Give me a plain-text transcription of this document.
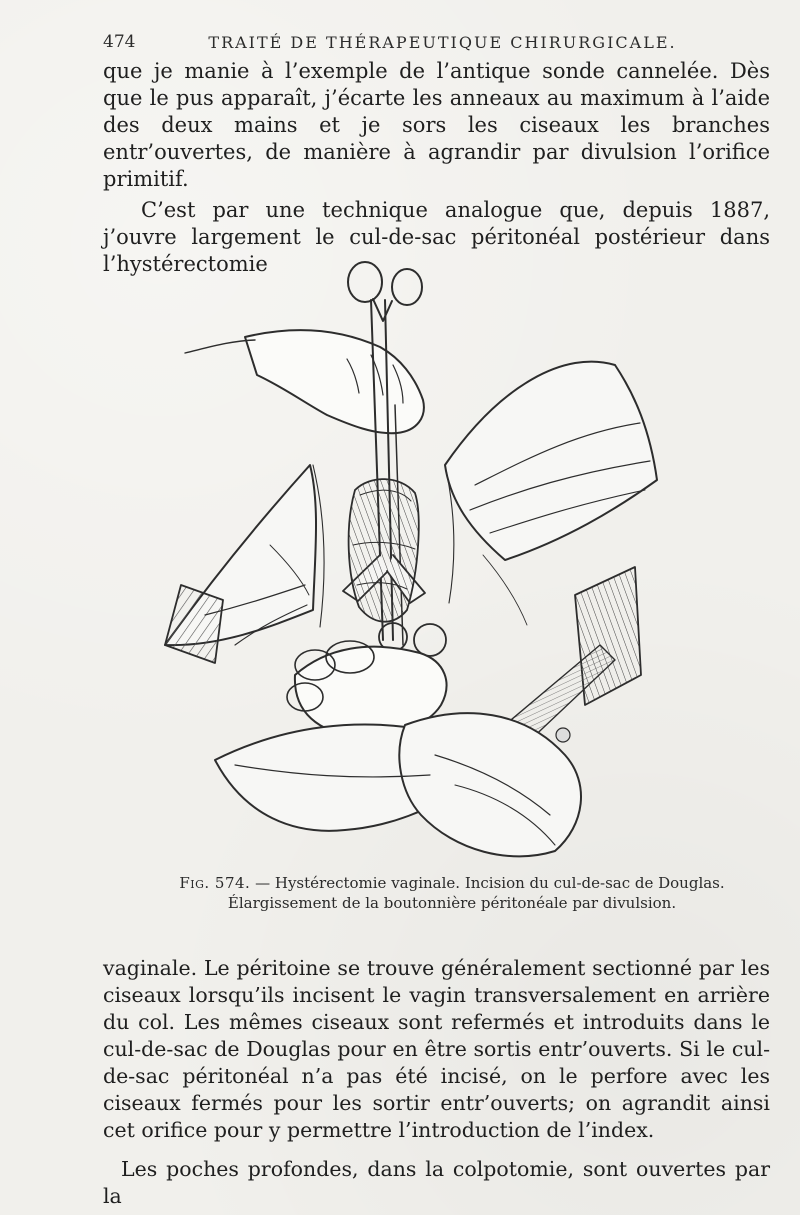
474	TRAITÉ DE THÉRAPEUTIQUE CHIRURGICALE.

que je manie à l’exemple de l’antique sonde cannelée. Dès que le pus apparaît, j’écarte les anneaux au maximum à l’aide des deux mains et je sors les ciseaux les branches entr’ouvertes, de manière à agrandir par divulsion l’orifice primitif.

C’est par une technique analogue que, depuis 1887, j’ouvre largement le cul-de-sac péritonéal postérieur dans l’hystérectomie

Fig. 574. — Hystérectomie vaginale. Incision du cul-de-sac de Douglas.
Élargissement de la boutonnière péritonéale par divulsion.

vaginale. Le péritoine se trouve généralement sectionné par les ciseaux lorsqu’ils incisent le vagin transversalement en arrière du col. Les mêmes ciseaux sont refermés et introduits dans le cul-de-sac de Douglas pour en être sortis entr’ouverts. Si le cul-de-sac péritonéal n’a pas été incisé, on le perfore avec les ciseaux fermés pour les sortir entr’ouverts; on agrandit ainsi cet orifice pour y permettre l’introduction de l’index.

Les poches profondes, dans la colpotomie, sont ouvertes par la
